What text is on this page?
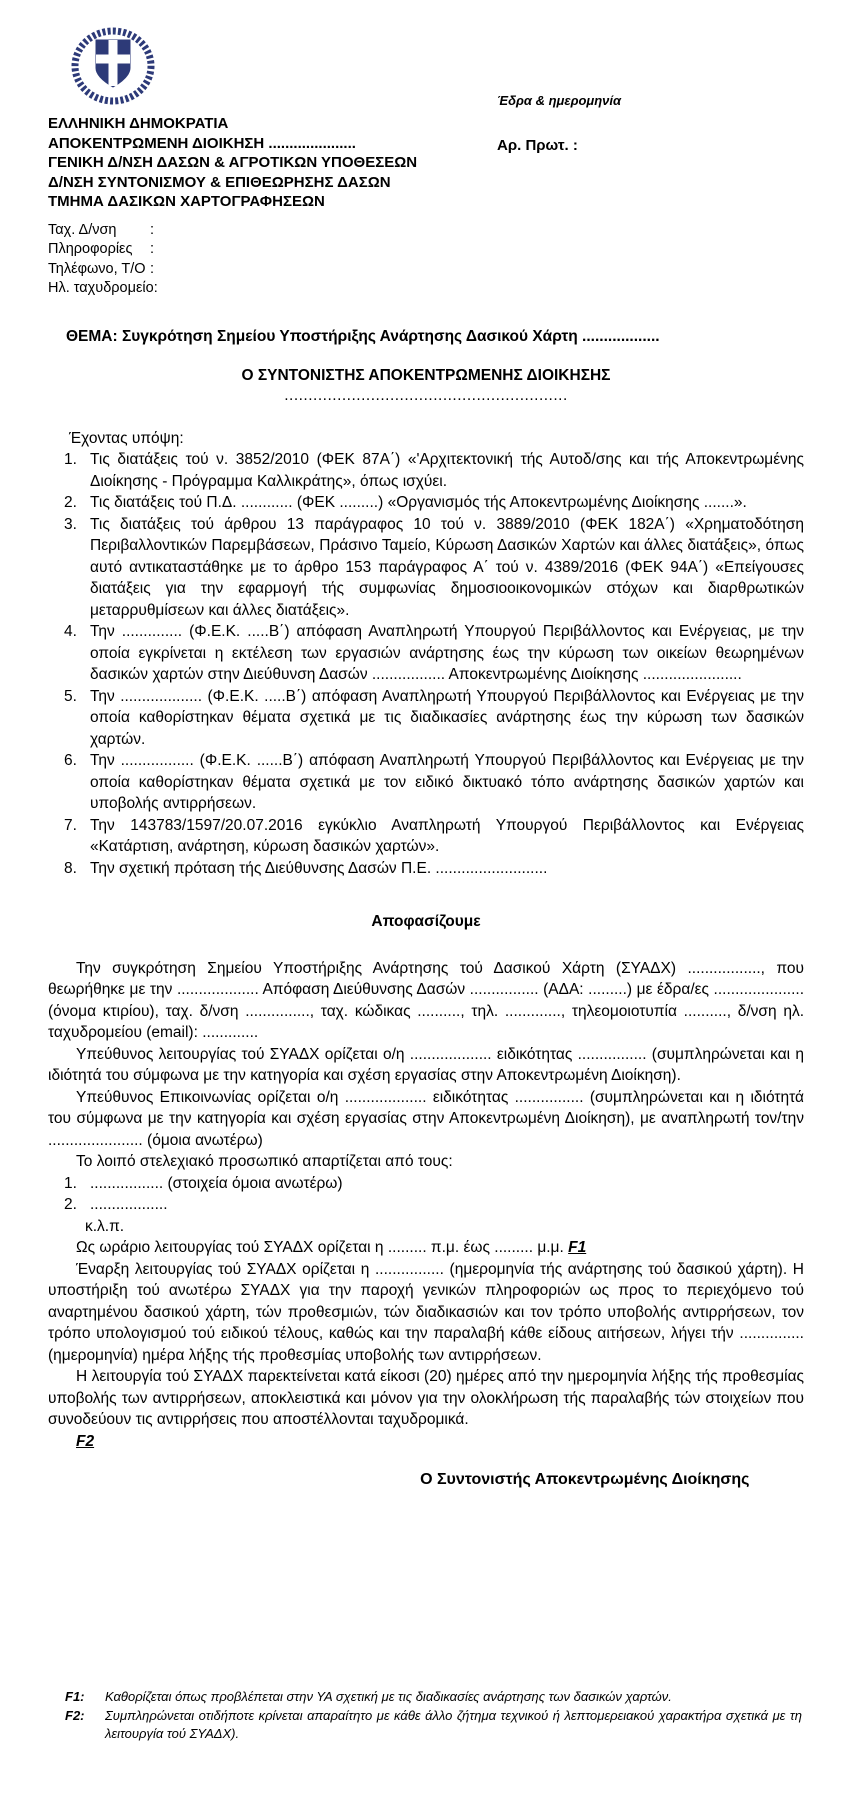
ΕΛΛΗΝΙΚΗ ΔΗΜΟΚΡΑΤΙΑ
ΑΠΟΚΕΝΤΡΩΜΕΝΗ ΔΙΟΙΚΗΣΗ .....................
ΓΕΝΙΚΗ Δ/ΝΣΗ ΔΑΣΩΝ & ΑΓΡΟΤΙΚΩΝ ΥΠΟΘΕΣΕΩΝ
Δ/ΝΣΗ ΣΥΝΤΟΝΙΣΜΟΥ & ΕΠΙΘΕΩΡΗΣΗΣ ΔΑΣΩΝ
ΤΜΗΜΑ ΔΑΣΙΚΩΝ ΧΑΡΤΟΓΡΑΦΗΣΕΩΝ
Ταχ. Δ/νση :
Πληροφορίες :
Τηλέφωνο, Τ/Ο :
Ηλ. ταχυδρομείο:
Έδρα & ημερομηνία
Αρ. Πρωτ. :
ΘΕΜΑ: Συγκρότηση Σημείου Υποστήριξης Ανάρτησης Δασικού Χάρτη ..................
Ο ΣΥΝΤΟΝΙΣΤΗΣ ΑΠΟΚΕΝΤΡΩΜΕΝΗΣ ΔΙΟΙΚΗΣΗΣ
...........................................................
Έχοντας υπόψη:
1. Τις διατάξεις τού ν. 3852/2010 (ΦΕΚ 87Α΄) «'Αρχιτεκτονική τής Αυτοδ/σης και τής Αποκεντρωμένης Διοίκησης - Πρόγραμμα Καλλικράτης», όπως ισχύει.
2. Τις διατάξεις τού Π.Δ. ............ (ΦΕΚ .........) «Οργανισμός τής Αποκεντρωμένης Διοίκησης .......».
3. Τις διατάξεις τού άρθρου 13 παράγραφος 10 τού ν. 3889/2010 (ΦΕΚ 182Α΄) «Χρηματοδότηση Περιβαλλοντικών Παρεμβάσεων, Πράσινο Ταμείο, Κύρωση Δασικών Χαρτών και άλλες διατάξεις», όπως αυτό αντικαταστάθηκε με το άρθρο 153 παράγραφος Α΄ τού ν. 4389/2016 (ΦΕΚ 94Α΄) «Επείγουσες διατάξεις για την εφαρμογή τής συμφωνίας δημοσιοοικονομικών στόχων και διαρθρωτικών μεταρρυθμίσεων και άλλες διατάξεις».
4. Την .............. (Φ.Ε.Κ. .....Β΄) απόφαση Αναπληρωτή Υπουργού Περιβάλλοντος και Ενέργειας, με την οποία εγκρίνεται η εκτέλεση των εργασιών ανάρτησης έως την κύρωση των οικείων θεωρημένων δασικών χαρτών στην Διεύθυνση Δασών ................. Αποκεντρωμένης Διοίκησης .......................
5. Την ................... (Φ.Ε.Κ. .....Β΄) απόφαση Αναπληρωτή Υπουργού Περιβάλλοντος και Ενέργειας με την οποία καθορίστηκαν θέματα σχετικά με τις διαδικασίες ανάρτησης έως την κύρωση των δασικών χαρτών.
6. Την ................. (Φ.Ε.Κ. ......Β΄) απόφαση Αναπληρωτή Υπουργού Περιβάλλοντος και Ενέργειας με την οποία καθορίστηκαν θέματα σχετικά με τον ειδικό δικτυακό τόπο ανάρτησης δασικών χαρτών και υποβολής αντιρρήσεων.
7. Την 143783/1597/20.07.2016 εγκύκλιο Αναπληρωτή Υπουργού Περιβάλλοντος και Ενέργειας «Κατάρτιση, ανάρτηση, κύρωση δασικών χαρτών».
8. Την σχετική πρόταση τής Διεύθυνσης Δασών Π.Ε. ..........................
Αποφασίζουμε

Την συγκρότηση Σημείου Υποστήριξης Ανάρτησης τού Δασικού Χάρτη (ΣΥΑΔΧ) ................., που θεωρήθηκε με την ................... Απόφαση Διεύθυνσης Δασών ................ (ΑΔΑ: .........) με έδρα/ες ..................... (όνομα κτιρίου), ταχ. δ/νση ..............., ταχ. κώδικας .........., τηλ. ............., τηλεομοιοτυπία .........., δ/νση ηλ. ταχυδρομείου (email): .............

Υπεύθυνος λειτουργίας τού ΣΥΑΔΧ ορίζεται ο/η ................... ειδικότητας ................ (συμπληρώνεται και η ιδιότητά του σύμφωνα με την κατηγορία και σχέση εργασίας στην Αποκεντρωμένη Διοίκηση).

Υπεύθυνος Επικοινωνίας ορίζεται ο/η ................... ειδικότητας ................ (συμπληρώνεται και η ιδιότητά του σύμφωνα με την κατηγορία και σχέση εργασίας στην Αποκεντρωμένη Διοίκηση), με αναπληρωτή τον/την ...................... (όμοια ανωτέρω)

Το λοιπό στελεχιακό προσωπικό απαρτίζεται από τους:

1. ................. (στοιχεία όμοια ανωτέρω)
2. ..................
κ.λ.π.

Ως ωράριο λειτουργίας τού ΣΥΑΔΧ ορίζεται η ......... π.μ. έως ......... μ.μ. F1

Έναρξη λειτουργίας τού ΣΥΑΔΧ ορίζεται η ................ (ημερομηνία τής ανάρτησης τού δασικού χάρτη). Η υποστήριξη τού ανωτέρω ΣΥΑΔΧ για την παροχή γενικών πληροφοριών ως προς το περιεχόμενο τού αναρτημένου δασικού χάρτη, τών προθεσμιών, τών διαδικασιών και τον τρόπο υποβολής αντιρρήσεων, τον τρόπο υπολογισμού τού ειδικού τέλους, καθώς και την παραλαβή κάθε είδους αιτήσεων, λήγει τήν ............... (ημερομηνία) ημέρα λήξης τής προθεσμίας υποβολής των αντιρρήσεων.

Η λειτουργία τού ΣΥΑΔΧ παρεκτείνεται κατά είκοσι (20) ημέρες από την ημερομηνία λήξης τής προθεσμίας υποβολής των αντιρρήσεων, αποκλειστικά και μόνον για την ολοκλήρωση τής παραλαβής τών στοιχείων που συνοδεύουν τις αντιρρήσεις που αποστέλλονται ταχυδρομικά.

F2

Ο Συντονιστής Αποκεντρωμένης Διοίκησης
F1:	Καθορίζεται όπως προβλέπεται στην ΥΑ σχετική με τις διαδικασίες ανάρτησης των δασικών χαρτών.
F2:	Συμπληρώνεται οτιδήποτε κρίνεται απαραίτητο με κάθε άλλο ζήτημα τεχνικού ή λεπτομερειακού χαρακτήρα σχετικά με τη λειτουργία τού ΣΥΑΔΧ).
